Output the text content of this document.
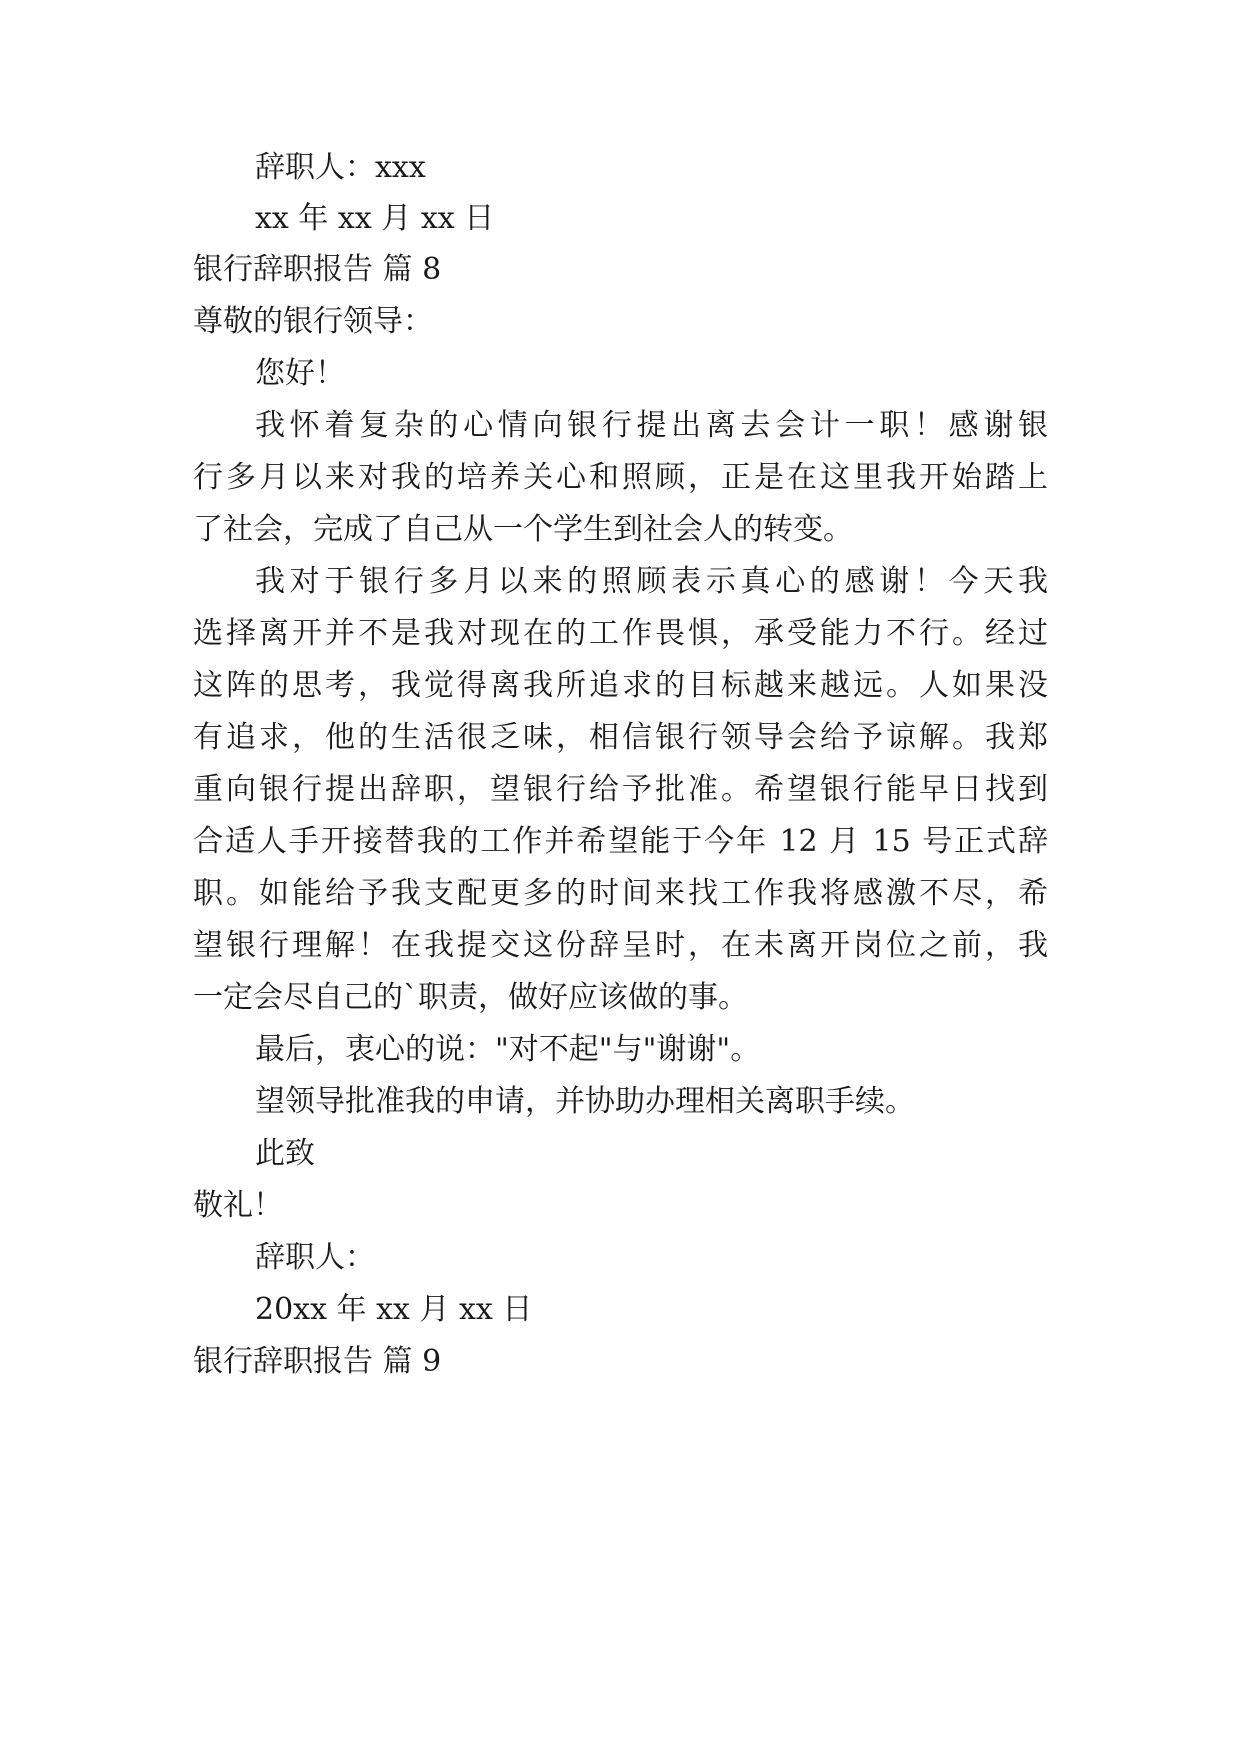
辞职人：xxx

xx 年 xx 月 xx 日

银行辞职报告 篇 8

尊敬的银行领导：

您好！

我怀着复杂的心情向银行提出离去会计一职！感谢银

行多月以来对我的培养关心和照顾，正是在这里我开始踏上

了社会，完成了自己从一个学生到社会人的转变。

我对于银行多月以来的照顾表示真心的感谢！今天我

选择离开并不是我对现在的工作畏惧，承受能力不行。经过

这阵的思考，我觉得离我所追求的目标越来越远。人如果没

有追求，他的生活很乏味，相信银行领导会给予谅解。我郑

重向银行提出辞职，望银行给予批准。希望银行能早日找到

合适人手开接替我的工作并希望能于今年 12 月 15 号正式辞

职。如能给予我支配更多的时间来找工作我将感激不尽，希

望银行理解！在我提交这份辞呈时，在未离开岗位之前，我

一定会尽自己的`职责，做好应该做的事。

最后，衷心的说："对不起"与"谢谢"。

望领导批准我的申请，并协助办理相关离职手续。

此致

敬礼！

辞职人：

20xx 年 xx 月 xx 日

银行辞职报告 篇 9
